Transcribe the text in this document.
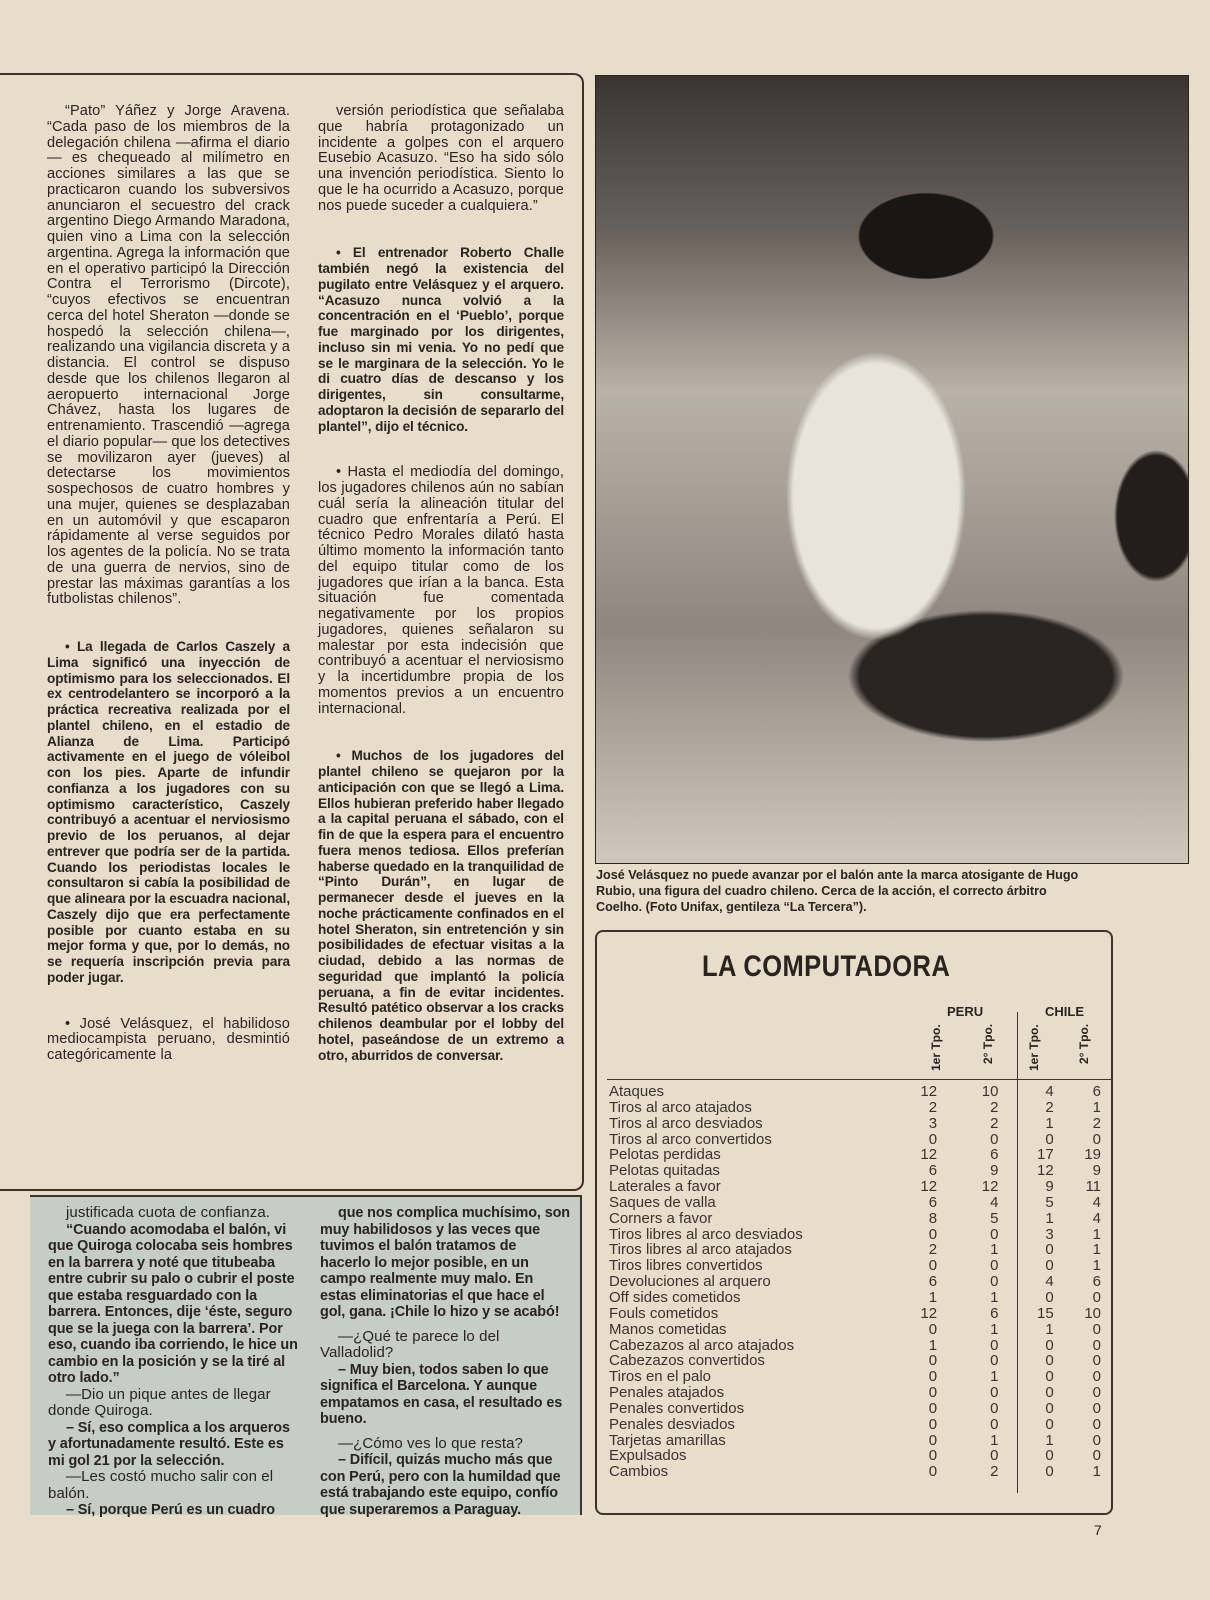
“Pato” Yáñez y Jorge Aravena. “Cada paso de los miembros de la delegación chilena —afirma el diario— es chequeado al milímetro en acciones similares a las que se practicaron cuando los subversivos anunciaron el secuestro del crack argentino Diego Armando Maradona, quien vino a Lima con la selección argentina. Agrega la información que en el operativo participó la Dirección Contra el Terrorismo (Dircote), “cuyos efectivos se encuentran cerca del hotel Sheraton —donde se hospedó la selección chilena—, realizando una vigilancia discreta y a distancia. El control se dispuso desde que los chilenos llegaron al aeropuerto internacional Jorge Chávez, hasta los lugares de entrenamiento. Trascendió —agrega el diario popular— que los detectives se movilizaron ayer (jueves) al detectarse los movimientos sospechosos de cuatro hombres y una mujer, quienes se desplazaban en un automóvil y que escaparon rápidamente al verse seguidos por los agentes de la policía. No se trata de una guerra de nervios, sino de prestar las máximas garantías a los futbolistas chilenos”.

• La llegada de Carlos Caszely a Lima significó una inyección de optimismo para los seleccionados. El ex centrodelantero se incorporó a la práctica recreativa realizada por el plantel chileno, en el estadio de Alianza de Lima. Participó activamente en el juego de vóleibol con los pies. Aparte de infundir confianza a los jugadores con su optimismo característico, Caszely contribuyó a acentuar el nerviosismo previo de los peruanos, al dejar entrever que podría ser de la partida. Cuando los periodistas locales le consultaron si cabía la posibilidad de que alineara por la escuadra nacional, Caszely dijo que era perfectamente posible por cuanto estaba en su mejor forma y que, por lo demás, no se requería inscripción previa para poder jugar.

• José Velásquez, el habilidoso mediocampista peruano, desmintió categóricamente la

versión periodística que señalaba que habría protagonizado un incidente a golpes con el arquero Eusebio Acasuzo. “Eso ha sido sólo una invención periodística. Siento lo que le ha ocurrido a Acasuzo, porque nos puede suceder a cualquiera.”

• El entrenador Roberto Challe también negó la existencia del pugilato entre Velásquez y el arquero. “Acasuzo nunca volvió a la concentración en el ‘Pueblo’, porque fue marginado por los dirigentes, incluso sin mi venia. Yo no pedí que se le marginara de la selección. Yo le di cuatro días de descanso y los dirigentes, sin consultarme, adoptaron la decisión de separarlo del plantel”, dijo el técnico.

• Hasta el mediodía del domingo, los jugadores chilenos aún no sabían cuál sería la alineación titular del cuadro que enfrentaría a Perú. El técnico Pedro Morales dilató hasta último momento la información tanto del equipo titular como de los jugadores que irían a la banca. Esta situación fue comentada negativamente por los propios jugadores, quienes señalaron su malestar por esta indecisión que contribuyó a acentuar el nerviosismo y la incertidumbre propia de los momentos previos a un encuentro internacional.

• Muchos de los jugadores del plantel chileno se quejaron por la anticipación con que se llegó a Lima. Ellos hubieran preferido haber llegado a la capital peruana el sábado, con el fin de que la espera para el encuentro fuera menos tediosa. Ellos preferían haberse quedado en la tranquilidad de “Pinto Durán”, en lugar de permanecer desde el jueves en la noche prácticamente confinados en el hotel Sheraton, sin entretención y sin posibilidades de efectuar visitas a la ciudad, debido a las normas de seguridad que implantó la policía peruana, a fin de evitar incidentes. Resultó patético observar a los cracks chilenos deambular por el lobby del hotel, paseándose de un extremo a otro, aburridos de conversar.

José Velásquez no puede avanzar por el balón ante la marca atosigante de Hugo Rubio, una figura del cuadro chileno. Cerca de la acción, el correcto árbitro Coelho. (Foto Unifax, gentileza “La Tercera”).
LA COMPUTADORA
PERU	CHILE
1er Tpo.	2° Tpo.	1er Tpo.	2° Tpo.
Ataques	12	10	4	6
Tiros al arco atajados	2	2	2	1
Tiros al arco desviados	3	2	1	2
Tiros al arco convertidos	0	0	0	0
Pelotas perdidas	12	6	17	19
Pelotas quitadas	6	9	12	9
Laterales a favor	12	12	9	11
Saques de valla	6	4	5	4
Corners a favor	8	5	1	4
Tiros libres al arco desviados	0	0	3	1
Tiros libres al arco atajados	2	1	0	1
Tiros libres convertidos	0	0	0	1
Devoluciones al arquero	6	0	4	6
Off sides cometidos	1	1	0	0
Fouls cometidos	12	6	15	10
Manos cometidas	0	1	1	0
Cabezazos al arco atajados	1	0	0	0
Cabezazos convertidos	0	0	0	0
Tiros en el palo	0	1	0	0
Penales atajados	0	0	0	0
Penales convertidos	0	0	0	0
Penales desviados	0	0	0	0
Tarjetas amarillas	0	1	1	0
Expulsados	0	0	0	0
Cambios	0	2	0	1

justificada cuota de confianza.

“Cuando acomodaba el balón, vi que Quiroga colocaba seis hombres en la barrera y noté que titubeaba entre cubrir su palo o cubrir el poste que estaba resguardado con la barrera. Entonces, dije ‘éste, seguro que se la juega con la barrera’. Por eso, cuando iba corriendo, le hice un cambio en la posición y se la tiré al otro lado.”

—Dio un pique antes de llegar donde Quiroga.

– Sí, eso complica a los arqueros y afortunadamente resultó. Este es mi gol 21 por la selección.

—Les costó mucho salir con el balón.

– Sí, porque Perú es un cuadro

que nos complica muchísimo, son muy habilidosos y las veces que tuvimos el balón tratamos de hacerlo lo mejor posible, en un campo realmente muy malo. En estas eliminatorias el que hace el gol, gana. ¡Chile lo hizo y se acabó!

—¿Qué te parece lo del Valladolid?

– Muy bien, todos saben lo que significa el Barcelona. Y aunque empatamos en casa, el resultado es bueno.

—¿Cómo ves lo que resta?

– Difícil, quizás mucho más que con Perú, pero con la humildad que está trabajando este equipo, confío que superaremos a Paraguay.

7
